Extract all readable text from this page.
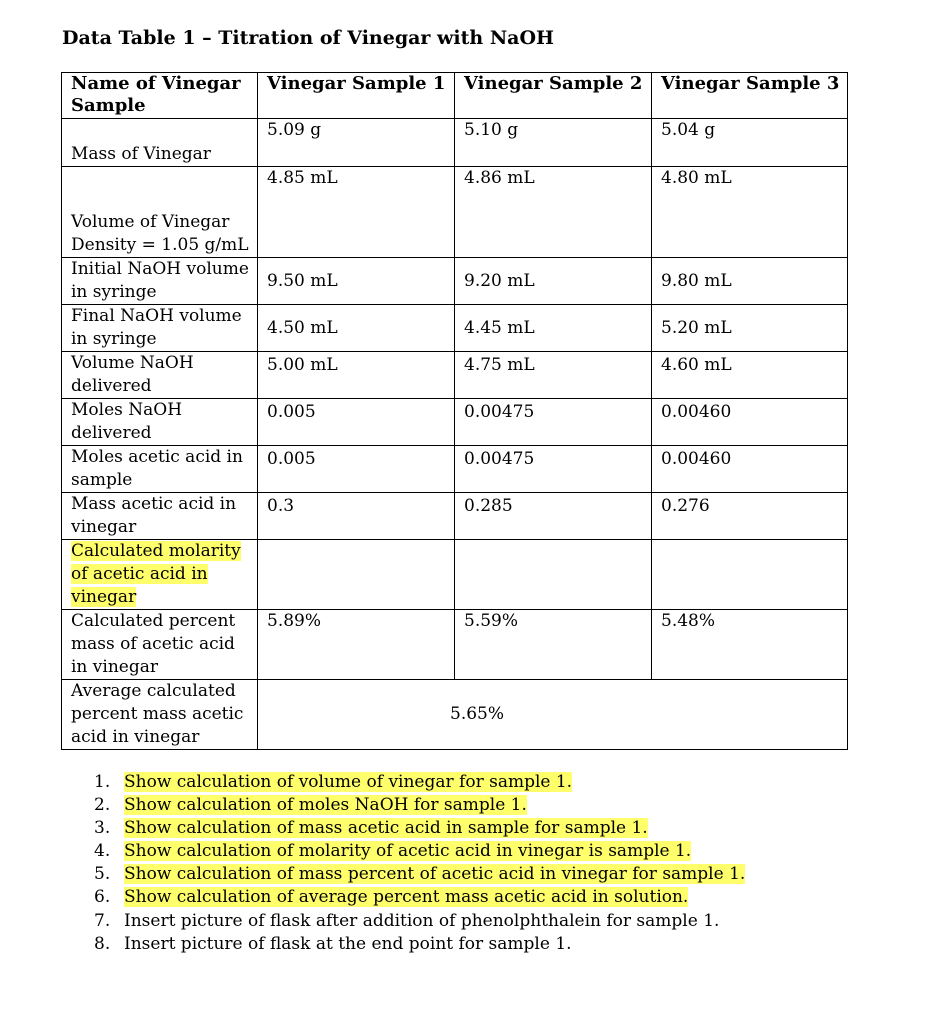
Data Table 1 – Titration of Vinegar with NaOH
Name of Vinegar Sample	Vinegar Sample 1	Vinegar Sample 2	Vinegar Sample 3
Mass of Vinegar	5.09 g	5.10 g	5.04 g

Volume of Vinegar Density = 1.05 g/mL	4.85 mL	4.86 mL	4.80 mL

Initial NaOH volume in syringe	9.50 mL	9.20 mL	9.80 mL

Final NaOH volume in syringe	4.50 mL	4.45 mL	5.20 mL

Volume NaOH delivered	5.00 mL	4.75 mL	4.60 mL

Moles NaOH delivered	0.005	0.00475	0.00460

Moles acetic acid in sample	0.005	0.00475	0.00460

Mass acetic acid in vinegar	0.3	0.285	0.276

Calculated molarity of acetic acid in vinegar	

Calculated percent mass of acetic acid in vinegar	5.89%	5.59%	5.48%

Average calculated percent mass acetic acid in vinegar	5.65%		
1. Show calculation of volume of vinegar for sample 1.
2. Show calculation of moles NaOH for sample 1.
3. Show calculation of mass acetic acid in sample for sample 1.
4. Show calculation of molarity of acetic acid in vinegar is sample 1.
5. Show calculation of mass percent of acetic acid in vinegar for sample 1.
6. Show calculation of average percent mass acetic acid in solution.
7. Insert picture of flask after addition of phenolphthalein for sample 1.
8. Insert picture of flask at the end point for sample 1.
